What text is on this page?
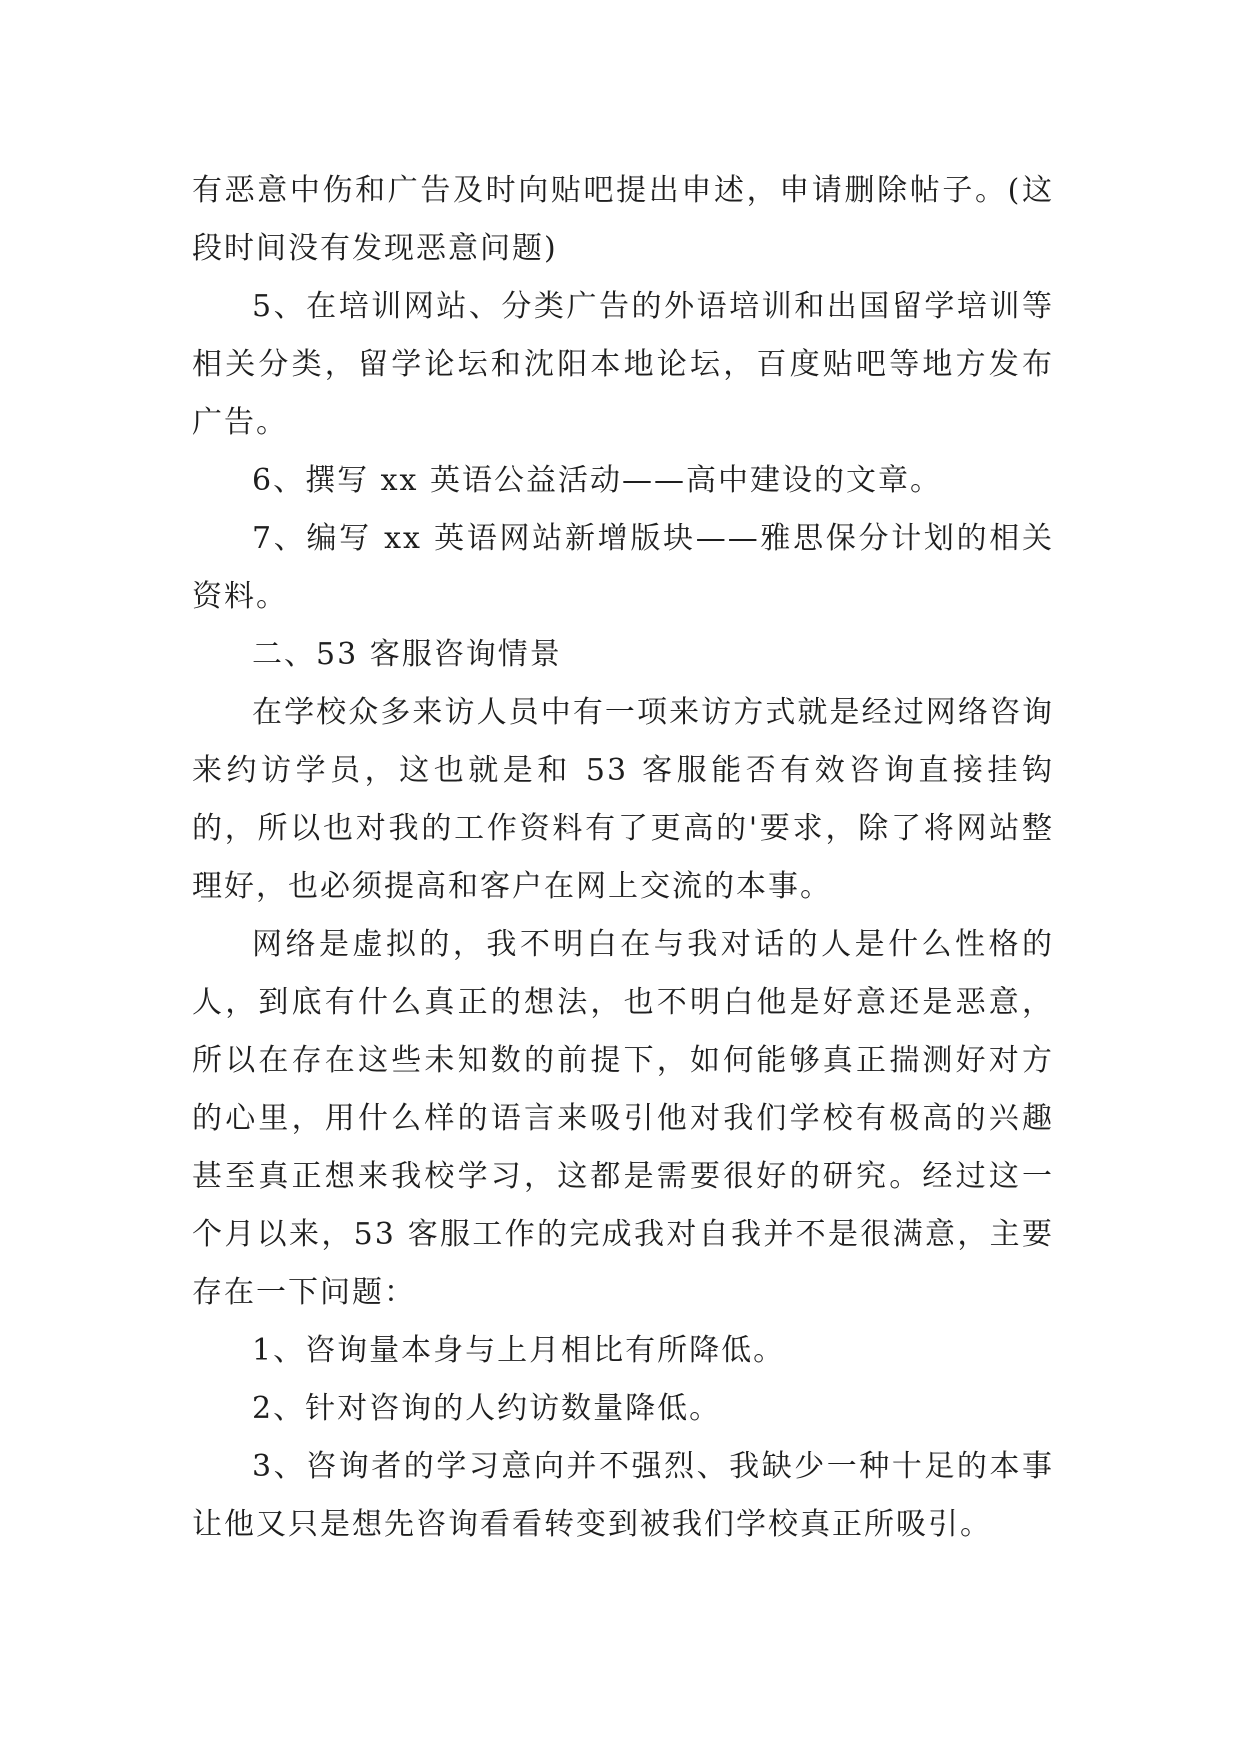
有恶意中伤和广告及时向贴吧提出申述，申请删除帖子。(这段时间没有发现恶意问题)

5、在培训网站、分类广告的外语培训和出国留学培训等相关分类，留学论坛和沈阳本地论坛，百度贴吧等地方发布广告。

6、撰写 xx 英语公益活动——高中建设的文章。

7、编写 xx 英语网站新增版块——雅思保分计划的相关资料。

二、53 客服咨询情景

在学校众多来访人员中有一项来访方式就是经过网络咨询来约访学员，这也就是和 53 客服能否有效咨询直接挂钩的，所以也对我的工作资料有了更高的'要求，除了将网站整理好，也必须提高和客户在网上交流的本事。

网络是虚拟的，我不明白在与我对话的人是什么性格的人，到底有什么真正的想法，也不明白他是好意还是恶意，所以在存在这些未知数的前提下，如何能够真正揣测好对方的心里，用什么样的语言来吸引他对我们学校有极高的兴趣甚至真正想来我校学习，这都是需要很好的研究。经过这一个月以来，53 客服工作的完成我对自我并不是很满意，主要存在一下问题：

1、咨询量本身与上月相比有所降低。

2、针对咨询的人约访数量降低。

3、咨询者的学习意向并不强烈、我缺少一种十足的本事让他又只是想先咨询看看转变到被我们学校真正所吸引。
